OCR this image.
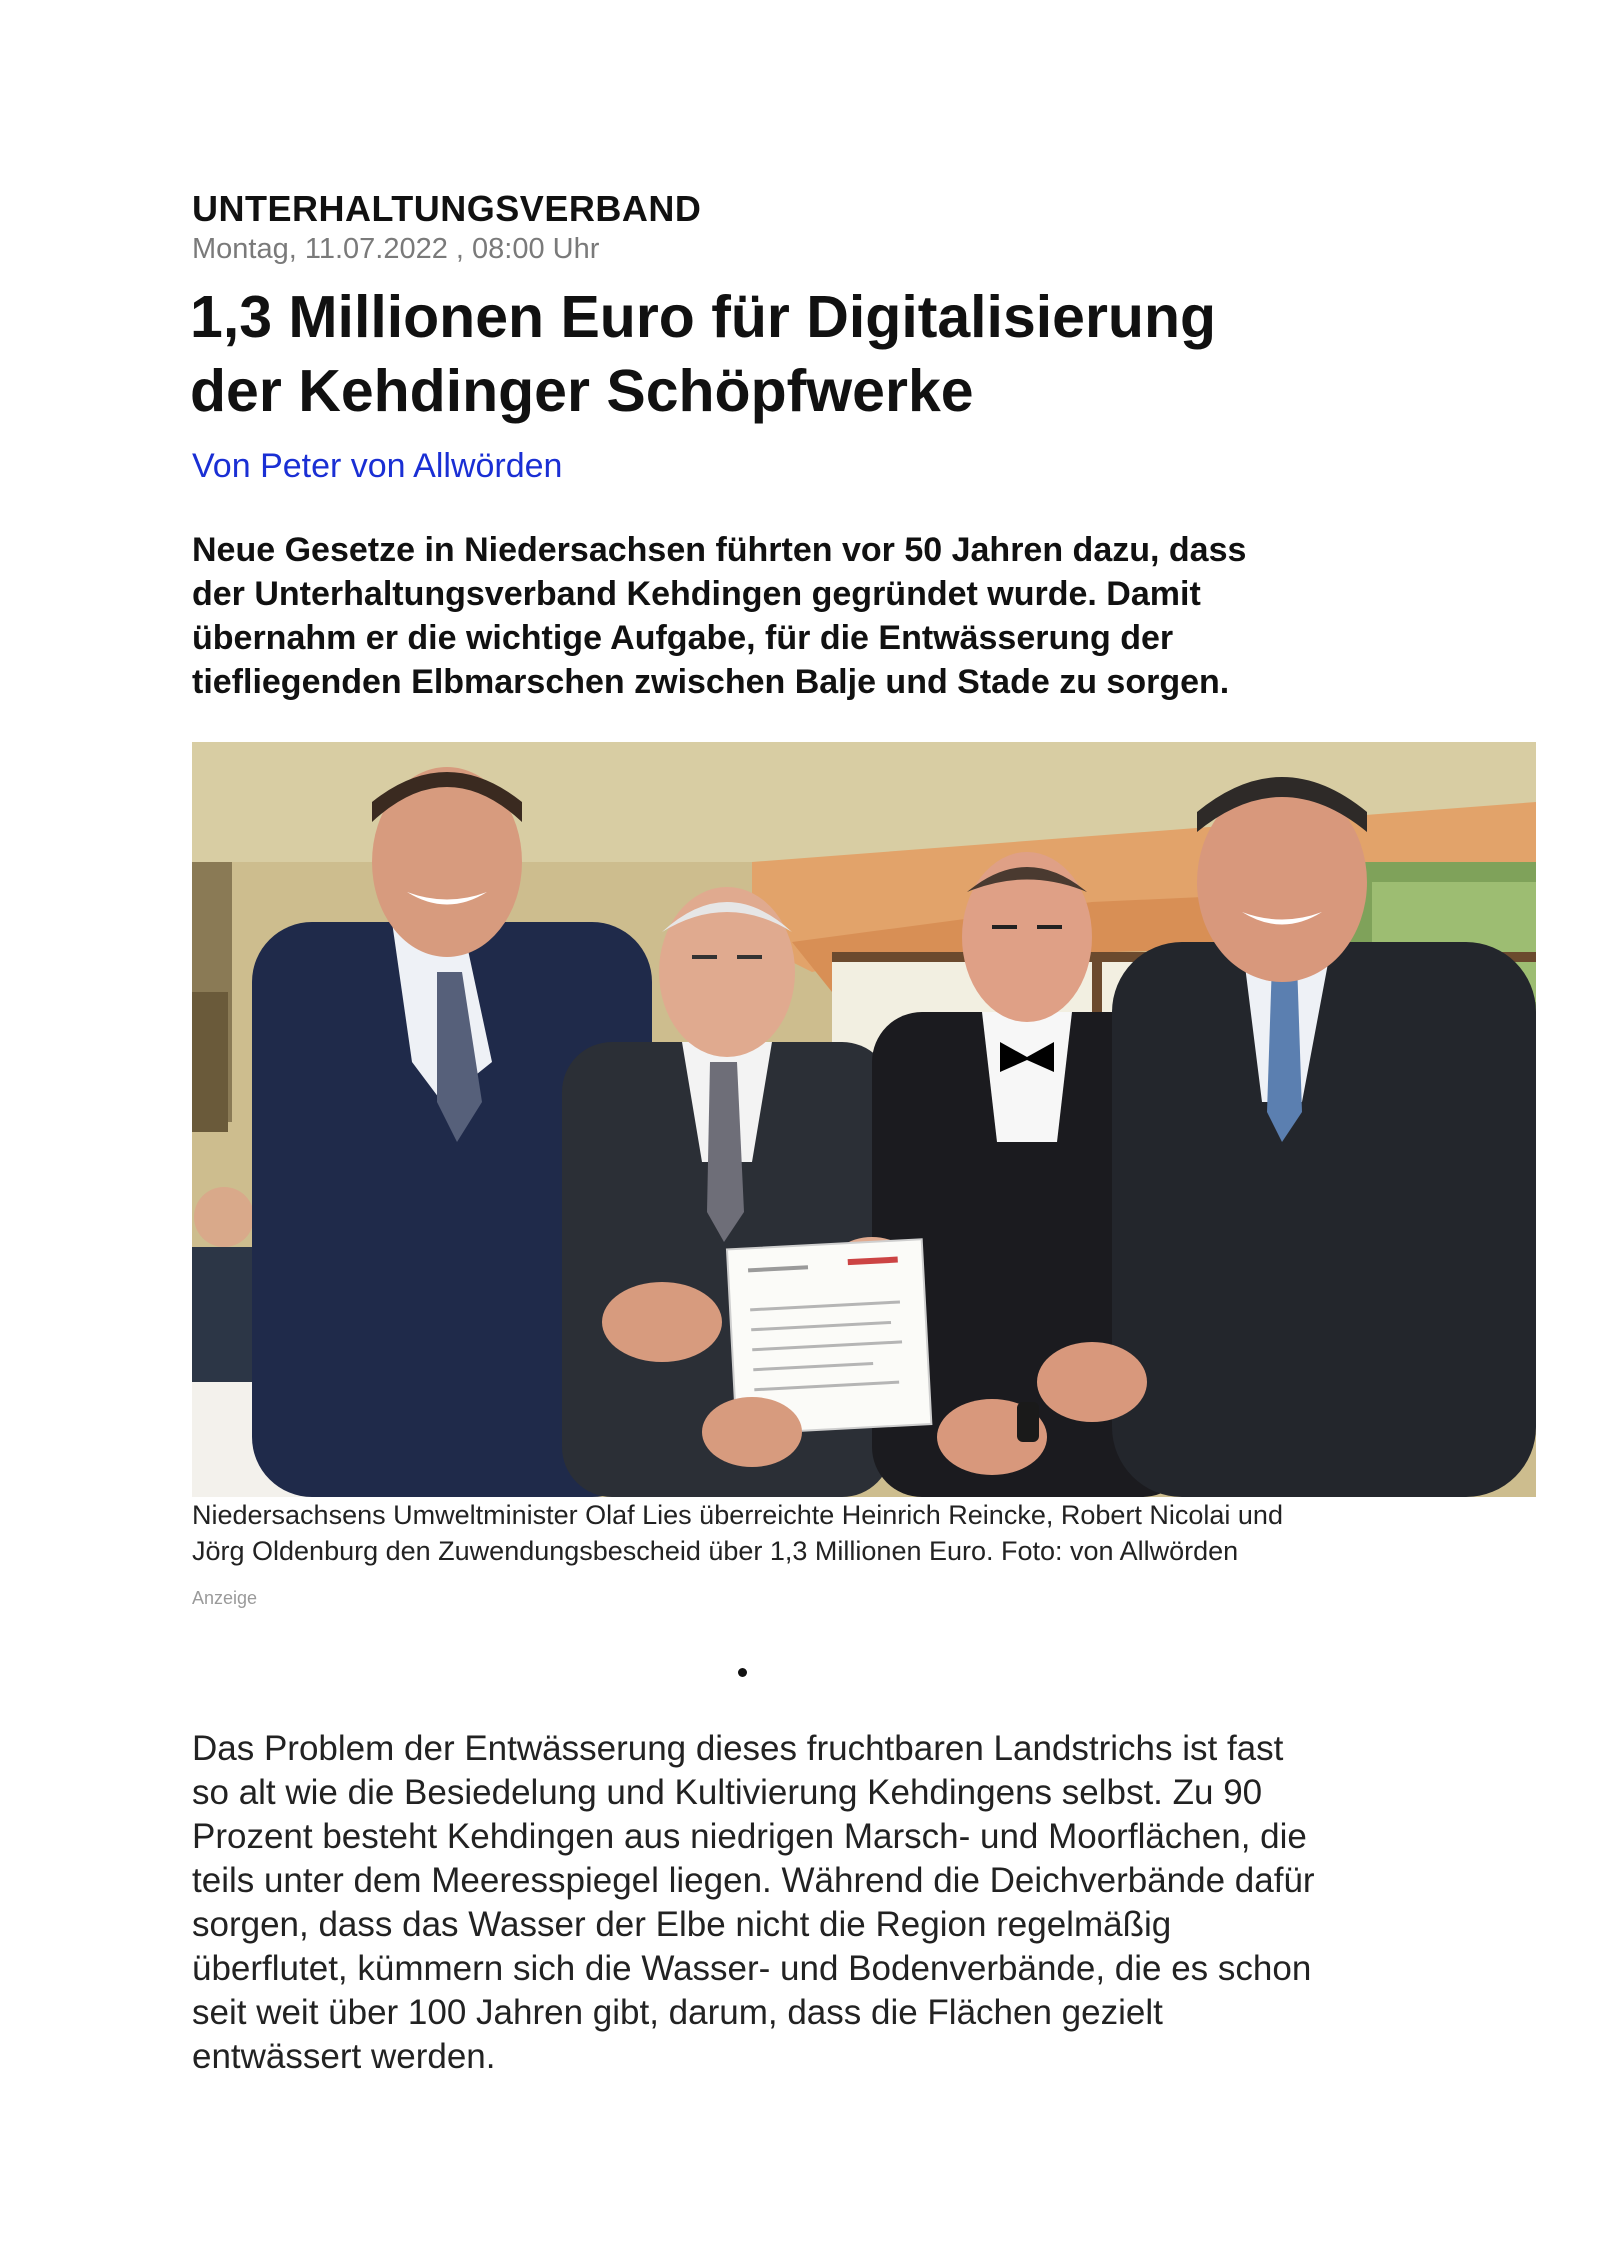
UNTERHALTUNGSVERBAND
Montag, 11.07.2022 , 08:00 Uhr
1,3 Millionen Euro für Digitalisierung
der Kehdinger Schöpfwerke
Von Peter von Allwörden

Neue Gesetze in Niedersachsen führten vor 50 Jahren dazu, dass
der Unterhaltungsverband Kehdingen gegründet wurde. Damit
übernahm er die wichtige Aufgabe, für die Entwässerung der
tiefliegenden Elbmarschen zwischen Balje und Stade zu sorgen.

Niedersachsens Umweltminister Olaf Lies überreichte Heinrich Reincke, Robert Nicolai und
Jörg Oldenburg den Zuwendungsbescheid über 1,3 Millionen Euro. Foto: von Allwörden

Anzeige

Das Problem der Entwässerung dieses fruchtbaren Landstrichs ist fast
so alt wie die Besiedelung und Kultivierung Kehdingens selbst. Zu 90
Prozent besteht Kehdingen aus niedrigen Marsch- und Moorflächen, die
teils unter dem Meeresspiegel liegen. Während die Deichverbände dafür
sorgen, dass das Wasser der Elbe nicht die Region regelmäßig
überflutet, kümmern sich die Wasser- und Bodenverbände, die es schon
seit weit über 100 Jahren gibt, darum, dass die Flächen gezielt
entwässert werden.
